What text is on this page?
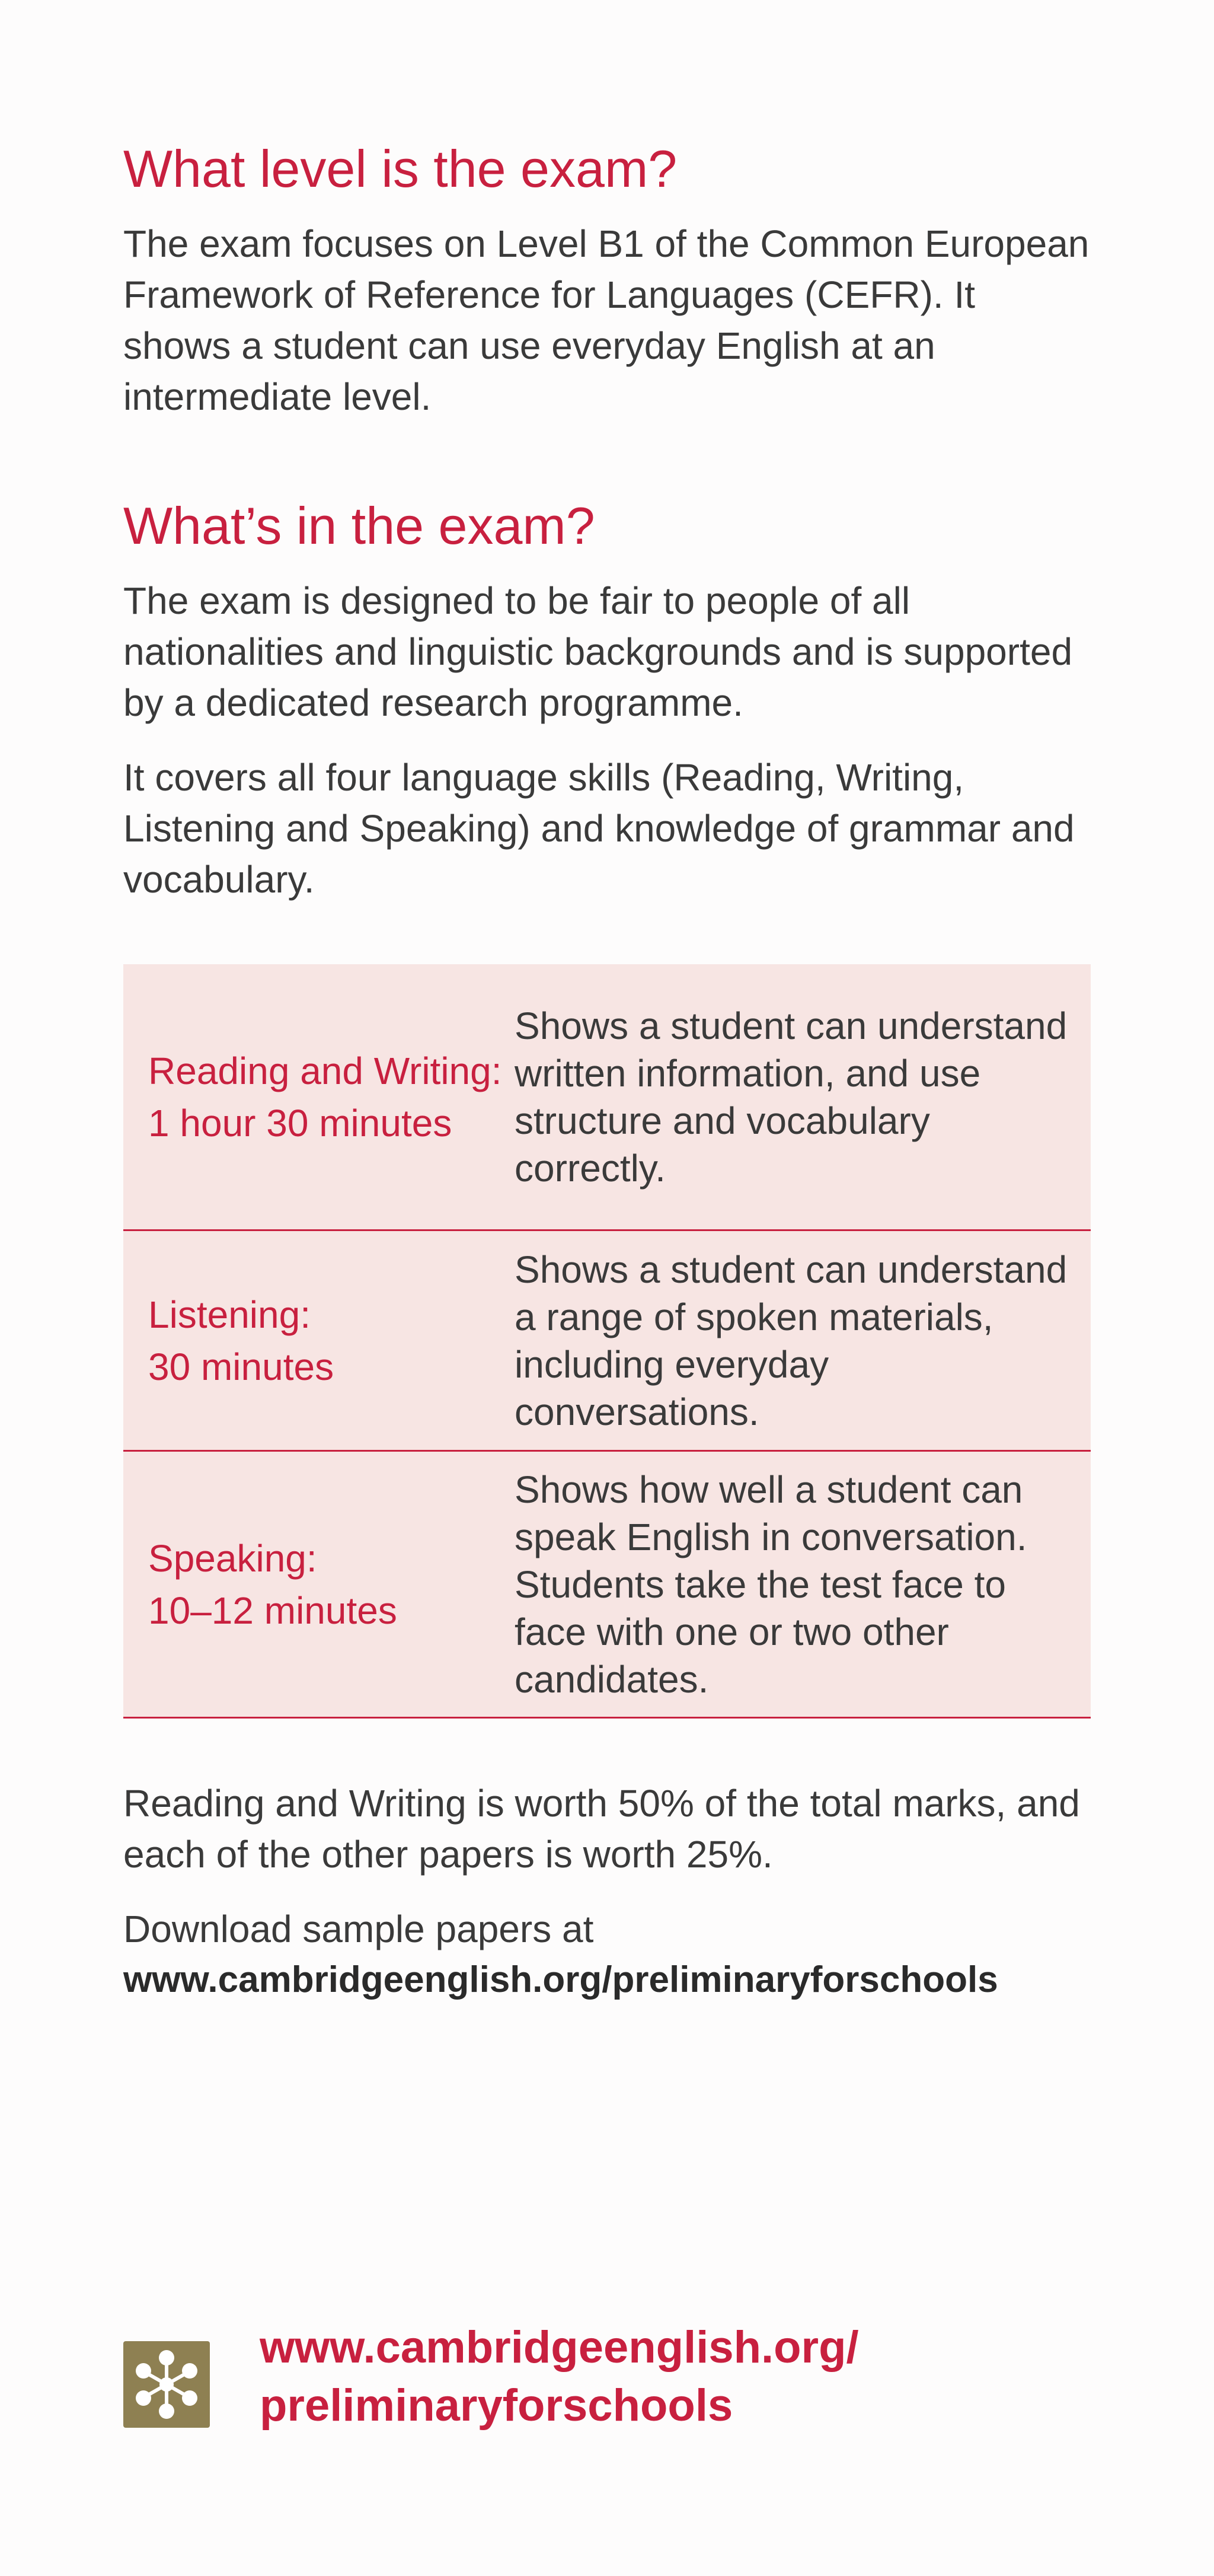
What level is the exam?

The exam focuses on Level B1 of the Common European Framework of Reference for Languages (CEFR). It shows a student can use everyday English at an intermediate level.

What’s in the exam?

The exam is designed to be fair to people of all nationalities and linguistic backgrounds and is supported by a dedicated research programme.

It covers all four language skills (Reading, Writing, Listening and Speaking) and knowledge of grammar and vocabulary.

Reading and Writing:
1 hour 30 minutes
Shows a student can understand written information, and use structure and vocabulary correctly.
Listening:
30 minutes
Shows a student can understand a range of spoken materials, including everyday conversations.
Speaking:
10–12 minutes
Shows how well a student can speak English in conversation. Students take the test face to face with one or two other candidates.

Reading and Writing is worth 50% of the total marks, and each of the other papers is worth 25%.

Download sample papers at
www.cambridgeenglish.org/preliminaryforschools

www.cambridgeenglish.org/
preliminaryforschools
